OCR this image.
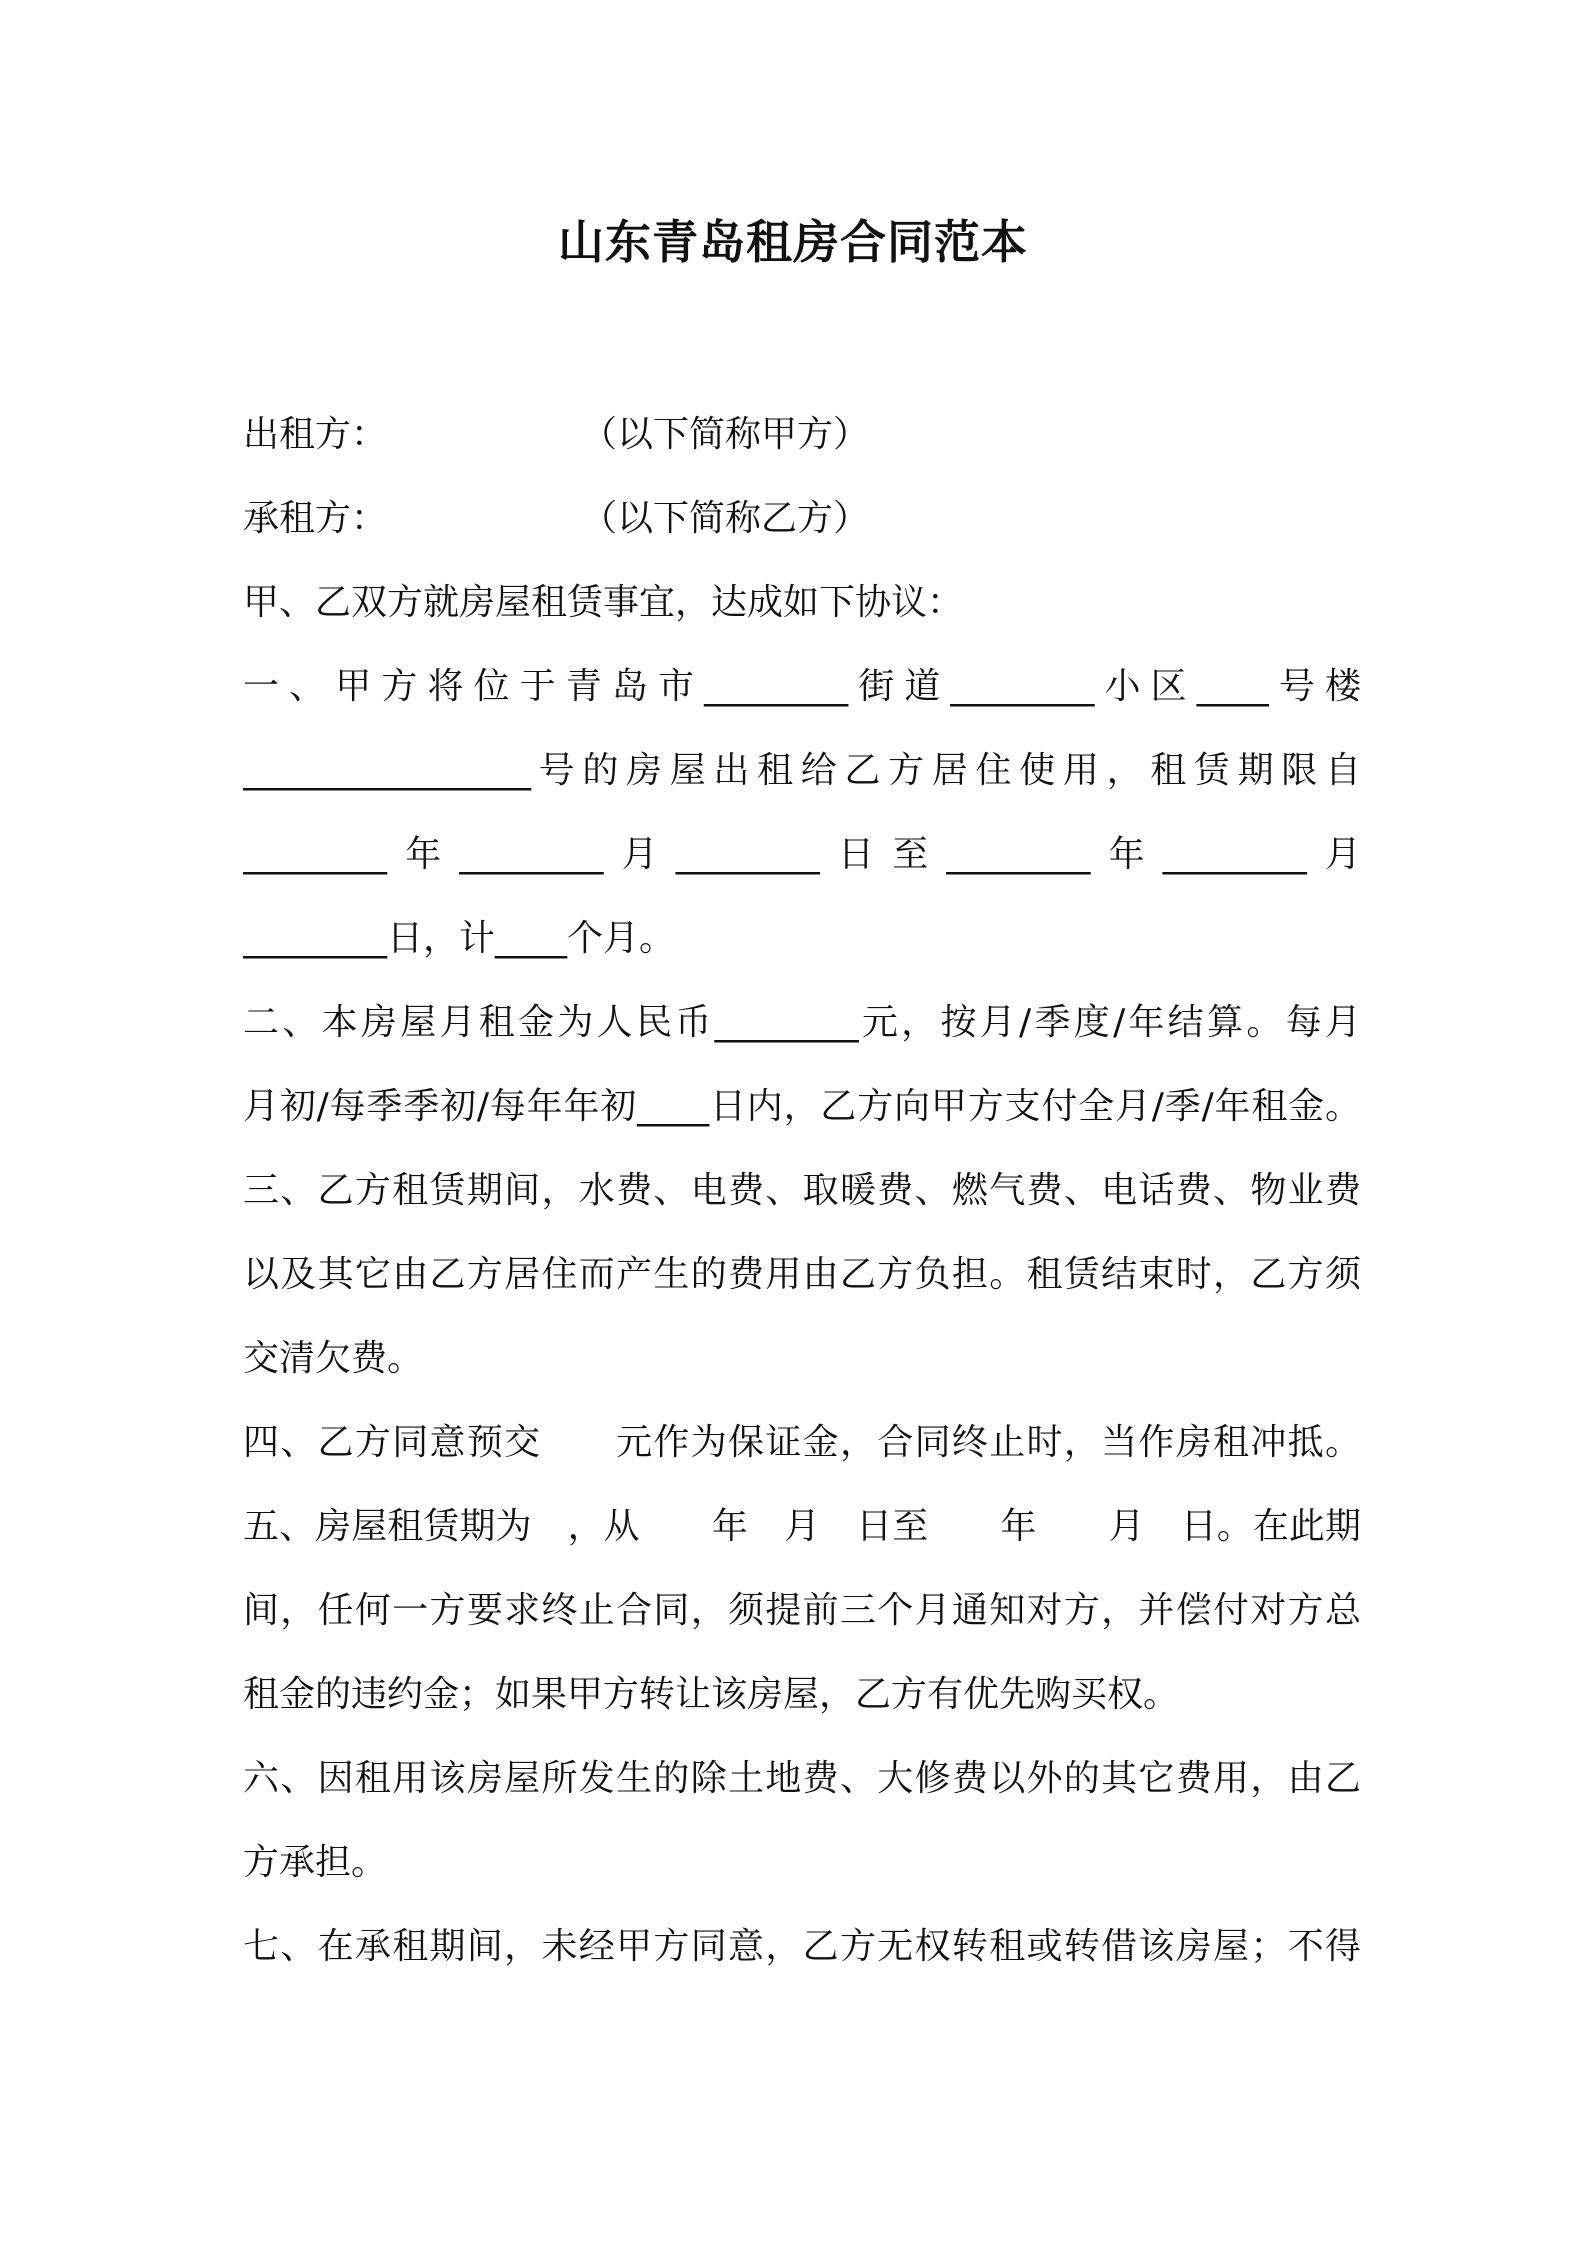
山东青岛租房合同范本
出租方：	（以下简称甲方）
承租方：	（以下简称乙方）
甲、乙双方就房屋租赁事宜，达成如下协议：
一、甲方将位于青岛市________街道________小区____号楼
________________号的房屋出租给乙方居住使用，租赁期限自
________年________月________日至________年________月
________日，计____个月。
二、本房屋月租金为人民币________元，按月/季度/年结算。每月
月初/每季季初/每年年初____日内，乙方向甲方支付全月/季/年租金。
三、乙方租赁期间，水费、电费、取暖费、燃气费、电话费、物业费
以及其它由乙方居住而产生的费用由乙方负担。租赁结束时，乙方须
交清欠费。
四、乙方同意预交　　元作为保证金，合同终止时，当作房租冲抵。
五、房屋租赁期为　，从　　年　月　日至　　年　　月　日。在此期
间，任何一方要求终止合同，须提前三个月通知对方，并偿付对方总
租金的违约金；如果甲方转让该房屋，乙方有优先购买权。
六、因租用该房屋所发生的除土地费、大修费以外的其它费用，由乙
方承担。
七、在承租期间，未经甲方同意，乙方无权转租或转借该房屋；不得
